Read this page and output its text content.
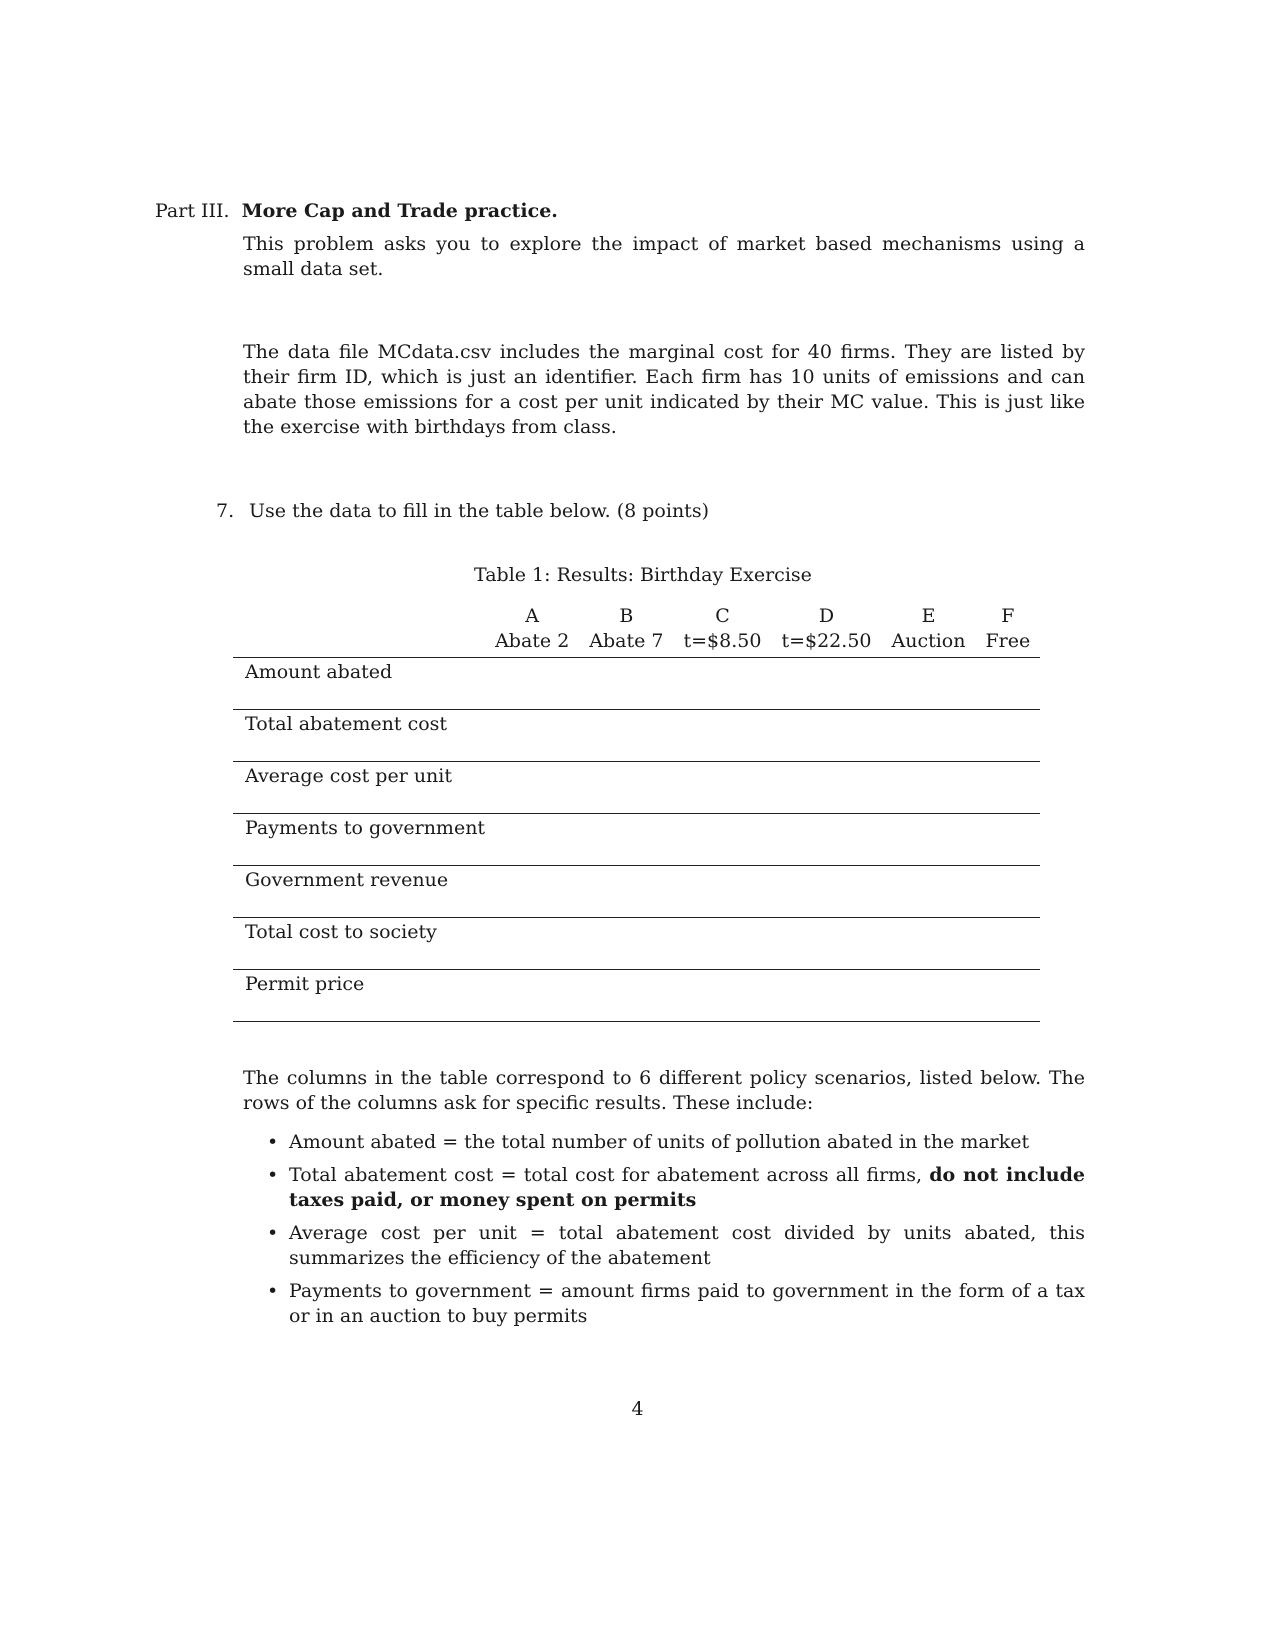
Part III. More Cap and Trade practice.

This problem asks you to explore the impact of market based mechanisms using a small data set.

The data file MCdata.csv includes the marginal cost for 40 firms. They are listed by their firm ID, which is just an identifier. Each firm has 10 units of emissions and can abate those emissions for a cost per unit indicated by their MC value. This is just like the exercise with birthdays from class.

7. Use the data to fill in the table below. (8 points)
Table 1: Results: Birthday Exercise
	A	B	C	D	E	F
	Abate 2	Abate 7	t=$8.50	t=$22.50	Auction	Free
Amount abated						
Total abatement cost						
Average cost per unit						
Payments to government						
Government revenue						
Total cost to society						
Permit price						

The columns in the table correspond to 6 different policy scenarios, listed below. The rows of the columns ask for specific results. These include:

• Amount abated = the total number of units of pollution abated in the market
• Total abatement cost = total cost for abatement across all firms, do not include taxes paid, or money spent on permits
• Average cost per unit = total abatement cost divided by units abated, this summarizes the efficiency of the abatement
• Payments to government = amount firms paid to government in the form of a tax or in an auction to buy permits
4
